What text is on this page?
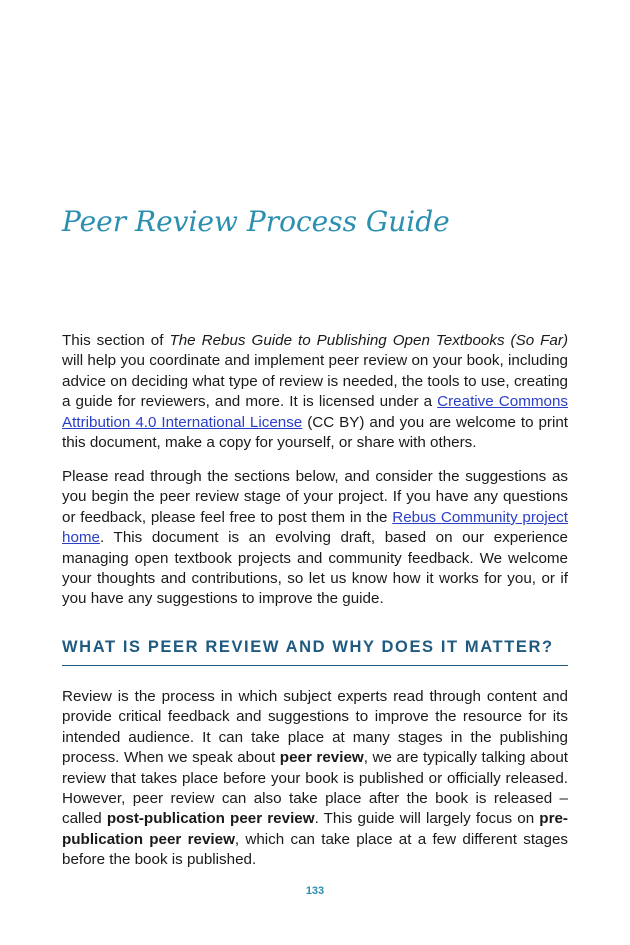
Peer Review Process Guide

This section of The Rebus Guide to Publishing Open Textbooks (So Far) will help you coordinate and implement peer review on your book, including advice on deciding what type of review is needed, the tools to use, creating a guide for reviewers, and more. It is licensed under a Creative Commons Attribution 4.0 International License (CC BY) and you are welcome to print this document, make a copy for yourself, or share with others.

Please read through the sections below, and consider the suggestions as you begin the peer review stage of your project. If you have any questions or feedback, please feel free to post them in the Rebus Community project home. This document is an evolving draft, based on our experience managing open textbook projects and community feedback. We welcome your thoughts and contributions, so let us know how it works for you, or if you have any suggestions to improve the guide.

WHAT IS PEER REVIEW AND WHY DOES IT MATTER?

Review is the process in which subject experts read through content and provide critical feedback and suggestions to improve the resource for its intended audience. It can take place at many stages in the publishing process. When we speak about peer review, we are typically talking about review that takes place before your book is published or officially released. However, peer review can also take place after the book is released – called post-publication peer review. This guide will largely focus on pre-publication peer review, which can take place at a few different stages before the book is published.

133
